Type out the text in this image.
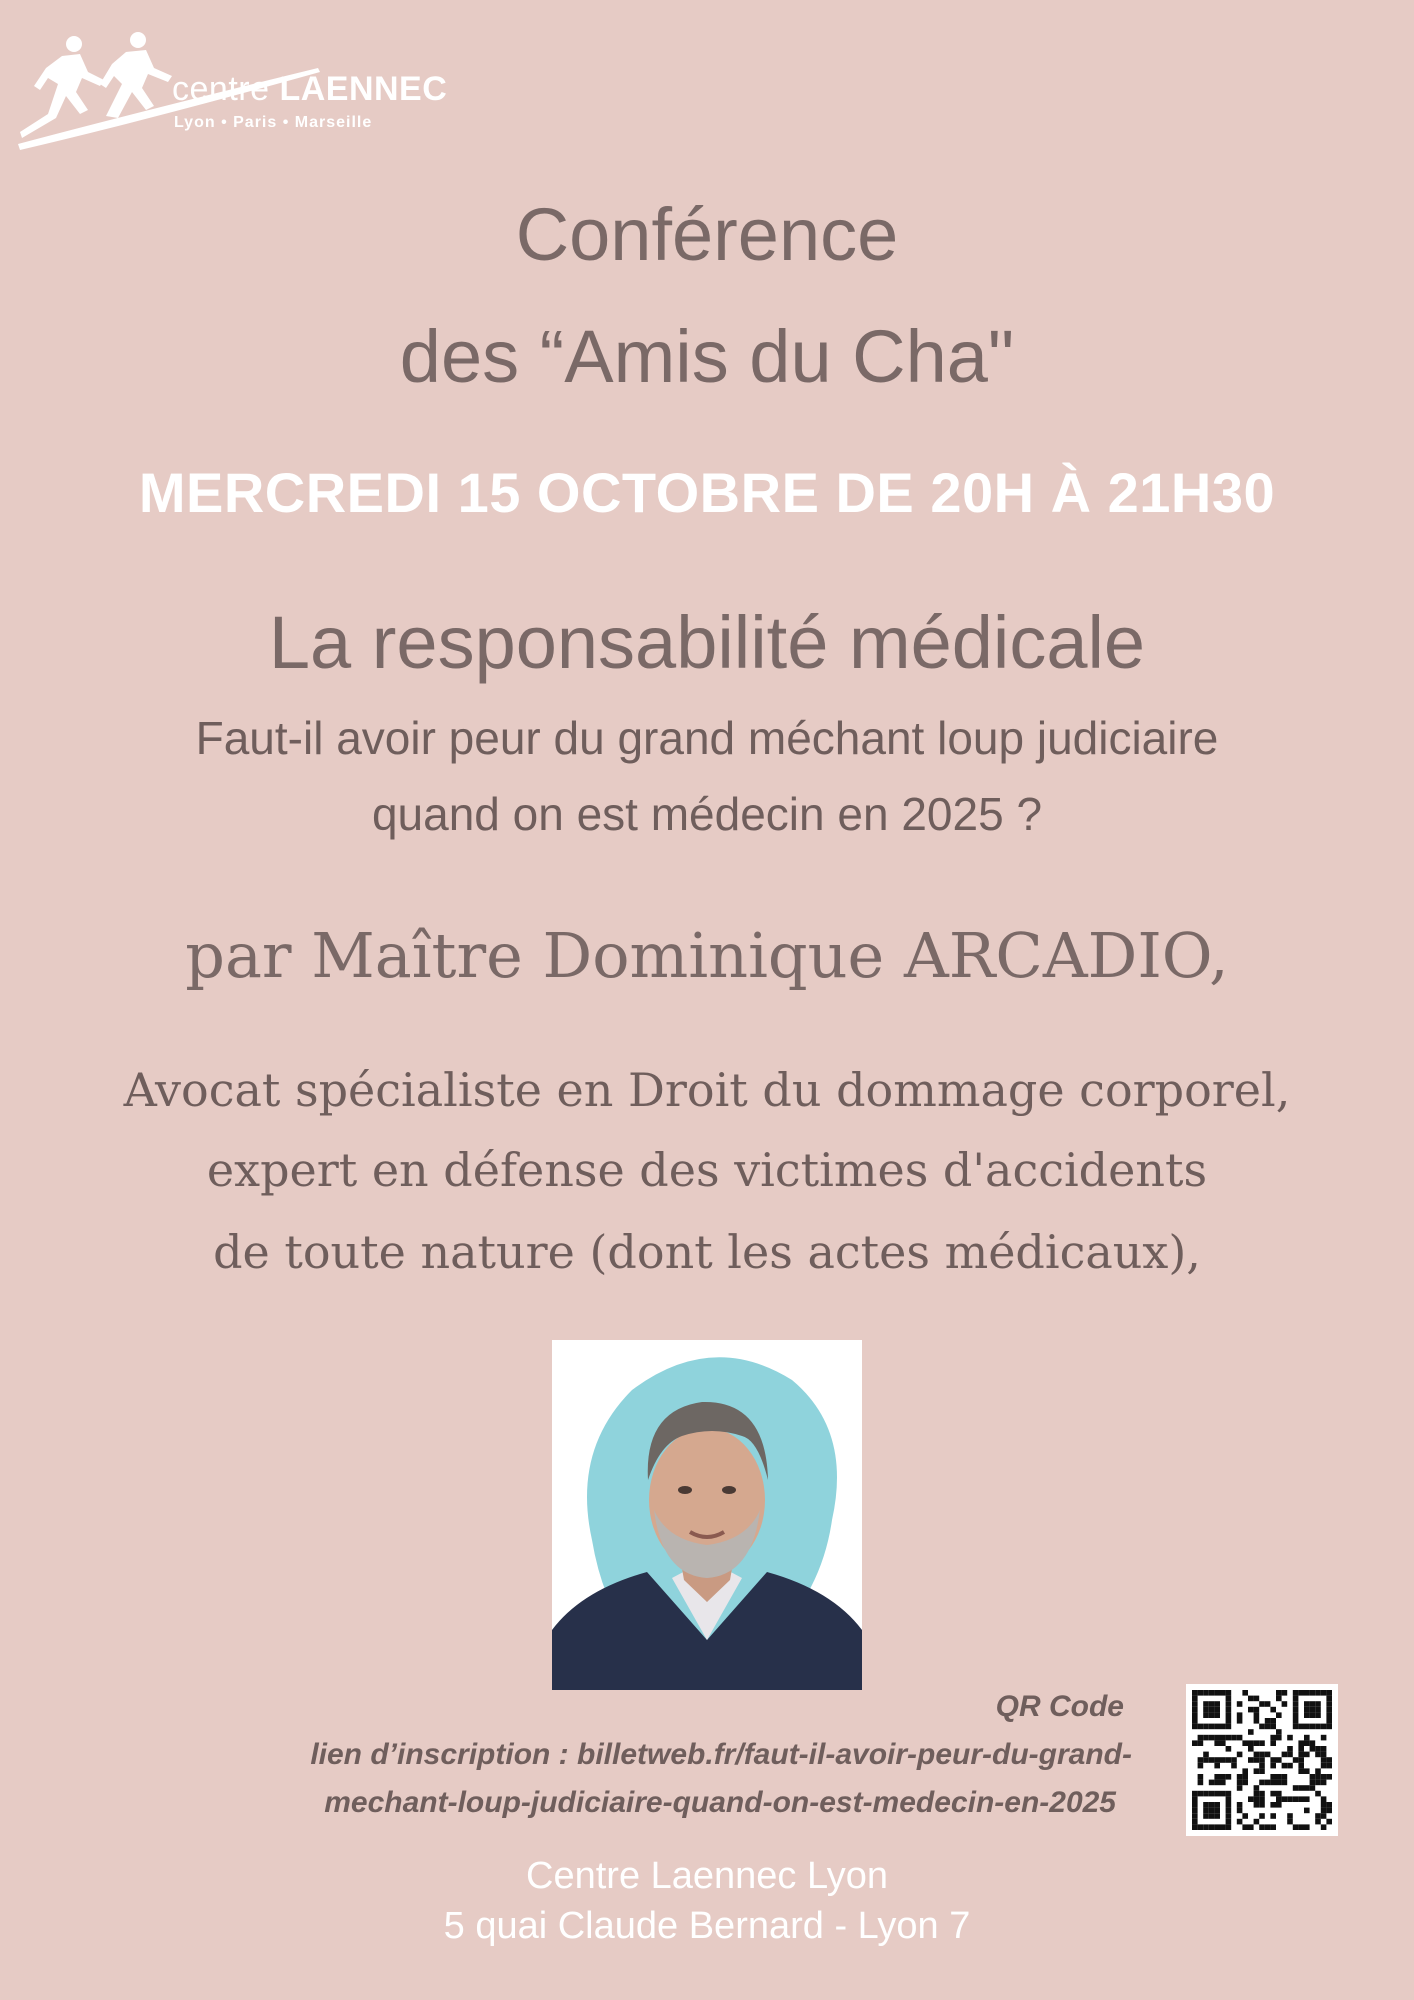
centre LAENNEC
Lyon • Paris • Marseille
Conférence
des “Amis du Cha"
MERCREDI 15 OCTOBRE DE 20H À 21H30
La responsabilité médicale
Faut-il avoir peur du grand méchant loup judiciaire
quand on est médecin en 2025 ?
par Maître Dominique ARCADIO,
Avocat spécialiste en Droit du dommage corporel,
expert en défense des victimes d'accidents
de toute nature (dont les actes médicaux),
QR Code
lien d’inscription : billetweb.fr/faut-il-avoir-peur-du-grand-
mechant-loup-judiciaire-quand-on-est-medecin-en-2025
Centre Laennec Lyon
5 quai Claude Bernard - Lyon 7
